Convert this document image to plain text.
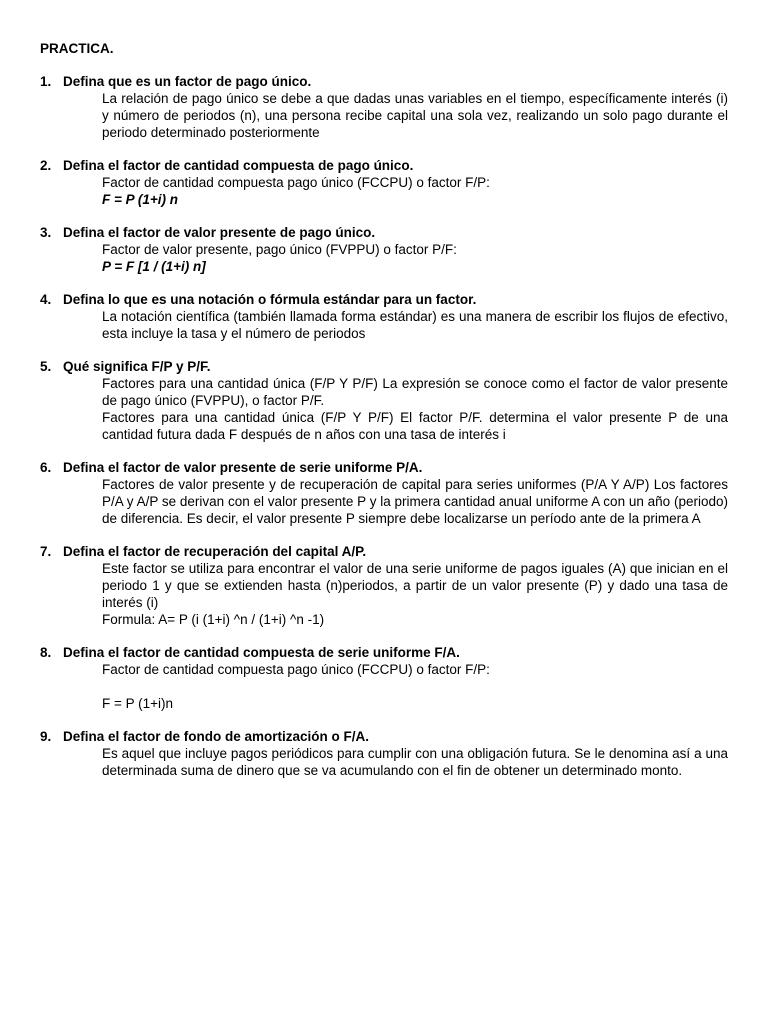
PRACTICA.
1. Defina que es un factor de pago único.

La relación de pago único se debe a que dadas unas variables en el tiempo, específicamente interés (i) y número de periodos (n), una persona recibe capital una sola vez, realizando un solo pago durante el periodo determinado posteriormente

2. Defina el factor de cantidad compuesta de pago único.

Factor de cantidad compuesta pago único (FCCPU) o factor F/P:

F = P (1+i) n

3. Defina el factor de valor presente de pago único.

Factor de valor presente, pago único (FVPPU) o factor P/F:

P = F [1 / (1+i) n]

4. Defina lo que es una notación o fórmula estándar para un factor.

La notación científica (también llamada forma estándar) es una manera de escribir los flujos de efectivo, esta incluye la tasa y el número de periodos

5. Qué significa F/P y P/F.

Factores para una cantidad única (F/P Y P/F) La expresión se conoce como el factor de valor presente de pago único (FVPPU), o factor P/F.

Factores para una cantidad única (F/P Y P/F) El factor P/F. determina el valor presente P de una cantidad futura dada F después de n años con una tasa de interés i

6. Defina el factor de valor presente de serie uniforme P/A.

Factores de valor presente y de recuperación de capital para series uniformes (P/A Y A/P) Los factores P/A y A/P se derivan con el valor presente P y la primera cantidad anual uniforme A con un año (periodo) de diferencia. Es decir, el valor presente P siempre debe localizarse un período ante de la primera A

7. Defina el factor de recuperación del capital A/P.

Este factor se utiliza para encontrar el valor de una serie uniforme de pagos iguales (A) que inician en el periodo 1 y que se extienden hasta (n)periodos, a partir de un valor presente (P) y dado una tasa de interés (i)

Formula: A= P (i (1+i) ^n / (1+i) ^n -1)

8. Defina el factor de cantidad compuesta de serie uniforme F/A.

Factor de cantidad compuesta pago único (FCCPU) o factor F/P:

F = P (1+i)n

9. Defina el factor de fondo de amortización o F/A.

Es aquel que incluye pagos periódicos para cumplir con una obligación futura. Se le denomina así a una determinada suma de dinero que se va acumulando con el fin de obtener un determinado monto.
